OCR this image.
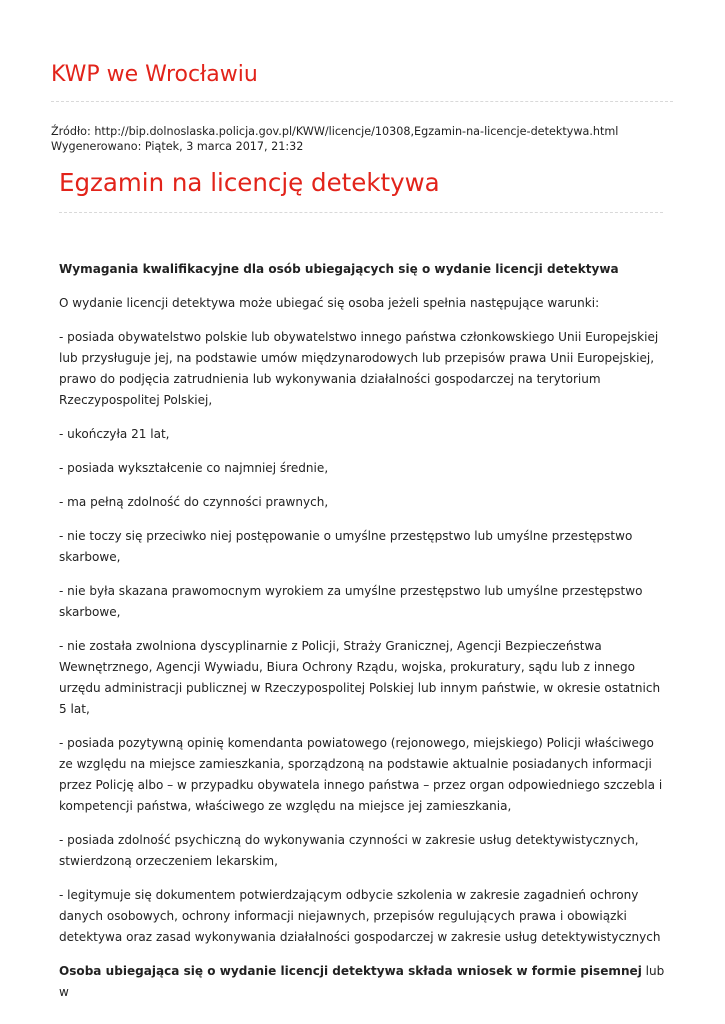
KWP we Wrocławiu
Źródło: http://bip.dolnoslaska.policja.gov.pl/KWW/licencje/10308,Egzamin-na-licencje-detektywa.html
Wygenerowano: Piątek, 3 marca 2017, 21:32
Egzamin na licencję detektywa

Wymagania kwalifikacyjne dla osób ubiegających się o wydanie licencji detektywa

O wydanie licencji detektywa może ubiegać się osoba jeżeli spełnia następujące warunki:

- posiada obywatelstwo polskie lub obywatelstwo innego państwa członkowskiego Unii Europejskiej lub przysługuje jej, na podstawie umów międzynarodowych lub przepisów prawa Unii Europejskiej, prawo do podjęcia zatrudnienia lub wykonywania działalności gospodarczej na terytorium Rzeczypospolitej Polskiej,

- ukończyła 21 lat,

- posiada wykształcenie co najmniej średnie,

- ma pełną zdolność do czynności prawnych,

- nie toczy się przeciwko niej postępowanie o umyślne przestępstwo lub umyślne przestępstwo skarbowe,

- nie była skazana prawomocnym wyrokiem za umyślne przestępstwo lub umyślne przestępstwo skarbowe,

- nie została zwolniona dyscyplinarnie z Policji, Straży Granicznej, Agencji Bezpieczeństwa Wewnętrznego, Agencji Wywiadu, Biura Ochrony Rządu, wojska, prokuratury, sądu lub z innego urzędu administracji publicznej w Rzeczypospolitej Polskiej lub innym państwie, w okresie ostatnich 5 lat,

- posiada pozytywną opinię komendanta powiatowego (rejonowego, miejskiego) Policji właściwego ze względu na miejsce zamieszkania, sporządzoną na podstawie aktualnie posiadanych informacji przez Policję albo – w przypadku obywatela innego państwa – przez organ odpowiedniego szczebla i kompetencji państwa, właściwego ze względu na miejsce jej zamieszkania,

- posiada zdolność psychiczną do wykonywania czynności w zakresie usług detektywistycznych, stwierdzoną orzeczeniem lekarskim,

- legitymuje się dokumentem potwierdzającym odbycie szkolenia w zakresie zagadnień ochrony danych osobowych, ochrony informacji niejawnych, przepisów regulujących prawa i obowiązki detektywa oraz zasad wykonywania działalności gospodarczej w zakresie usług detektywistycznych

Osoba ubiegająca się o wydanie licencji detektywa składa wniosek w formie pisemnej lub w
